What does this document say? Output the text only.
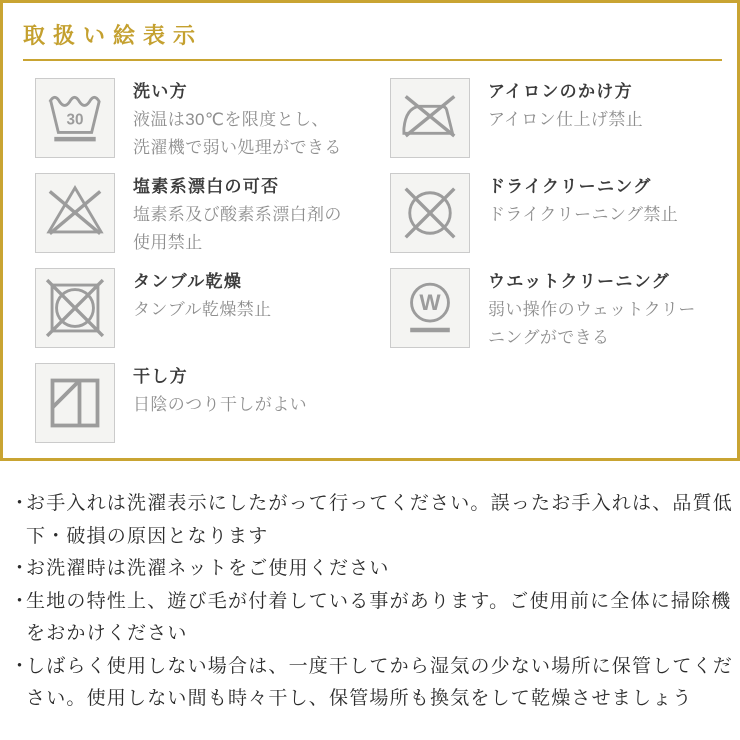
取扱い絵表示
30
洗い方
液温は30℃を限度とし、洗濯機で弱い処理ができる
塩素系漂白の可否
塩素系及び酸素系漂白剤の使用禁止
タンブル乾燥
タンブル乾燥禁止
干し方
日陰のつり干しがよい
アイロンのかけ方
アイロン仕上げ禁止
ドライクリーニング
ドライクリーニング禁止
W
ウエットクリーニング
弱い操作のウェットクリーニングができる
・
お手入れは洗濯表示にしたがって行ってください。誤ったお手入れは、品質低下・破損の原因となります
・
お洗濯時は洗濯ネットをご使用ください
・
生地の特性上、遊び毛が付着している事があります。ご使用前に全体に掃除機をおかけください
・
しばらく使用しない場合は、一度干してから湿気の少ない場所に保管してください。使用しない間も時々干し、保管場所も換気をして乾燥させましょう
